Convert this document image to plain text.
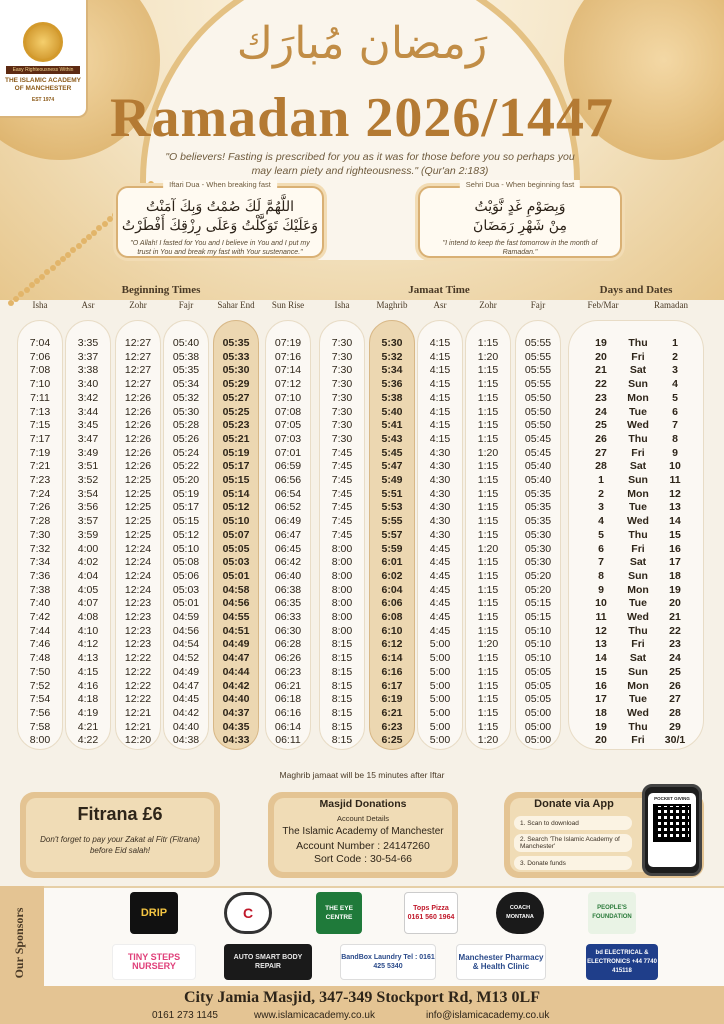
Easy Righteousness Within
THE ISLAMIC ACADEMY OF MANCHESTER
EST 1974
رَمضان مُبارَك
Ramadan 2026/1447
"O believers! Fasting is prescribed for you as it was for those before you so perhaps you may learn piety and righteousness." (Qur'an 2:183)
Iftari Dua - When breaking fast
اللَّهُمَّ لَكَ صُمْتُ وَبِكَ آمَنْتُ
وَعَلَيْكَ تَوَكَّلْتُ وَعَلَى رِزْقِكَ أَفْطَرْتُ
"O Allah! I fasted for You and I believe in You and I put my trust in You and break my fast with Your sustenance."
Sehri Dua - When beginning fast
وَبِصَوْمِ غَدٍ نَّوَيْتُ
مِنْ شَهْرِ رَمَضَانَ
"I intend to keep the fast tomorrow in the month of Ramadan."
Beginning Times	Jamaat Time	Days and Dates
Isha	Asr	Zohr	Fajr	Sahar End	Sun Rise	Isha	Maghrib	Asr	Zohr	Fajr	Feb/Mar	Ramadan
7:04	3:35	12:27	05:40	05:35	07:19	7:30	5:30	4:15	1:15	05:55	19	Thu	1
7:06	3:37	12:27	05:38	05:33	07:16	7:30	5:32	4:15	1:20	05:55	20	Fri	2
7:08	3:38	12:27	05:35	05:30	07:14	7:30	5:34	4:15	1:15	05:55	21	Sat	3
7:10	3:40	12:27	05:34	05:29	07:12	7:30	5:36	4:15	1:15	05:55	22	Sun	4
7:11	3:42	12:26	05:32	05:27	07:10	7:30	5:38	4:15	1:15	05:50	23	Mon	5
7:13	3:44	12:26	05:30	05:25	07:08	7:30	5:40	4:15	1:15	05:50	24	Tue	6
7:15	3:45	12:26	05:28	05:23	07:05	7:30	5:41	4:15	1:15	05:50	25	Wed	7
7:17	3:47	12:26	05:26	05:21	07:03	7:30	5:43	4:15	1:15	05:45	26	Thu	8
7:19	3:49	12:26	05:24	05:19	07:01	7:45	5:45	4:30	1:20	05:45	27	Fri	9
7:21	3:51	12:26	05:22	05:17	06:59	7:45	5:47	4:30	1:15	05:40	28	Sat	10
7:23	3:52	12:25	05:20	05:15	06:56	7:45	5:49	4:30	1:15	05:40	1	Sun	11
7:24	3:54	12:25	05:19	05:14	06:54	7:45	5:51	4:30	1:15	05:35	2	Mon	12
7:26	3:56	12:25	05:17	05:12	06:52	7:45	5:53	4:30	1:15	05:35	3	Tue	13
7:28	3:57	12:25	05:15	05:10	06:49	7:45	5:55	4:30	1:15	05:35	4	Wed	14
7:30	3:59	12:25	05:12	05:07	06:47	7:45	5:57	4:30	1:15	05:30	5	Thu	15
7:32	4:00	12:24	05:10	05:05	06:45	8:00	5:59	4:45	1:20	05:30	6	Fri	16
7:34	4:02	12:24	05:08	05:03	06:42	8:00	6:01	4:45	1:15	05:30	7	Sat	17
7:36	4:04	12:24	05:06	05:01	06:40	8:00	6:02	4:45	1:15	05:20	8	Sun	18
7:38	4:05	12:24	05:03	04:58	06:38	8:00	6:04	4:45	1:15	05:20	9	Mon	19
7:40	4:07	12:23	05:01	04:56	06:35	8:00	6:06	4:45	1:15	05:15	10	Tue	20
7:42	4:08	12:23	04:59	04:55	06:33	8:00	6:08	4:45	1:15	05:15	11	Wed	21
7:44	4:10	12:23	04:56	04:51	06:30	8:00	6:10	4:45	1:15	05:10	12	Thu	22
7:46	4:12	12:23	04:54	04:49	06:28	8:15	6:12	5:00	1:20	05:10	13	Fri	23
7:48	4:13	12:22	04:52	04:47	06:26	8:15	6:14	5:00	1:15	05:10	14	Sat	24
7:50	4:15	12:22	04:49	04:44	06:23	8:15	6:16	5:00	1:15	05:05	15	Sun	25
7:52	4:16	12:22	04:47	04:42	06:21	8:15	6:17	5:00	1:15	05:05	16	Mon	26
7:54	4:18	12:22	04:45	04:40	06:18	8:15	6:19	5:00	1:15	05:05	17	Tue	27
7:56	4:19	12:21	04:42	04:37	06:16	8:15	6:21	5:00	1:15	05:00	18	Wed	28
7:58	4:21	12:21	04:40	04:35	06:14	8:15	6:23	5:00	1:15	05:00	19	Thu	29
8:00	4:22	12:20	04:38	04:33	06:11	8:15	6:25	5:00	1:20	05:00	20	Fri	30/1
Maghrib jamaat will be 15 minutes after Iftar
Fitrana £6
Don't forget to pay your Zakat al Fitr (Fitrana) before Eid salah!
Masjid Donations
Account Details
The Islamic Academy of Manchester
Account Number : 24147260
Sort Code : 30-54-66
Donate via App
1. Scan to download
2. Search 'The Islamic Academy of Manchester'
3. Donate funds
POCKET GIVING
Our Sponsors	DRIP	C	THE EYE CENTRE
Tops Pizza 0161 560 1964
COACH MONTANA
PEOPLE'S FOUNDATION
TINY STEPS NURSERY
AUTO SMART BODY REPAIR
BandBox Laundry Tel : 0161 425 5340
Manchester Pharmacy & Health Clinic
bd ELECTRICAL & ELECTRONICS +44 7740 415118
City Jamia Masjid, 347-349 Stockport Rd, M13 0LF
0161 273 1145	www.islamicacademy.co.uk	info@islamicacademy.co.uk
